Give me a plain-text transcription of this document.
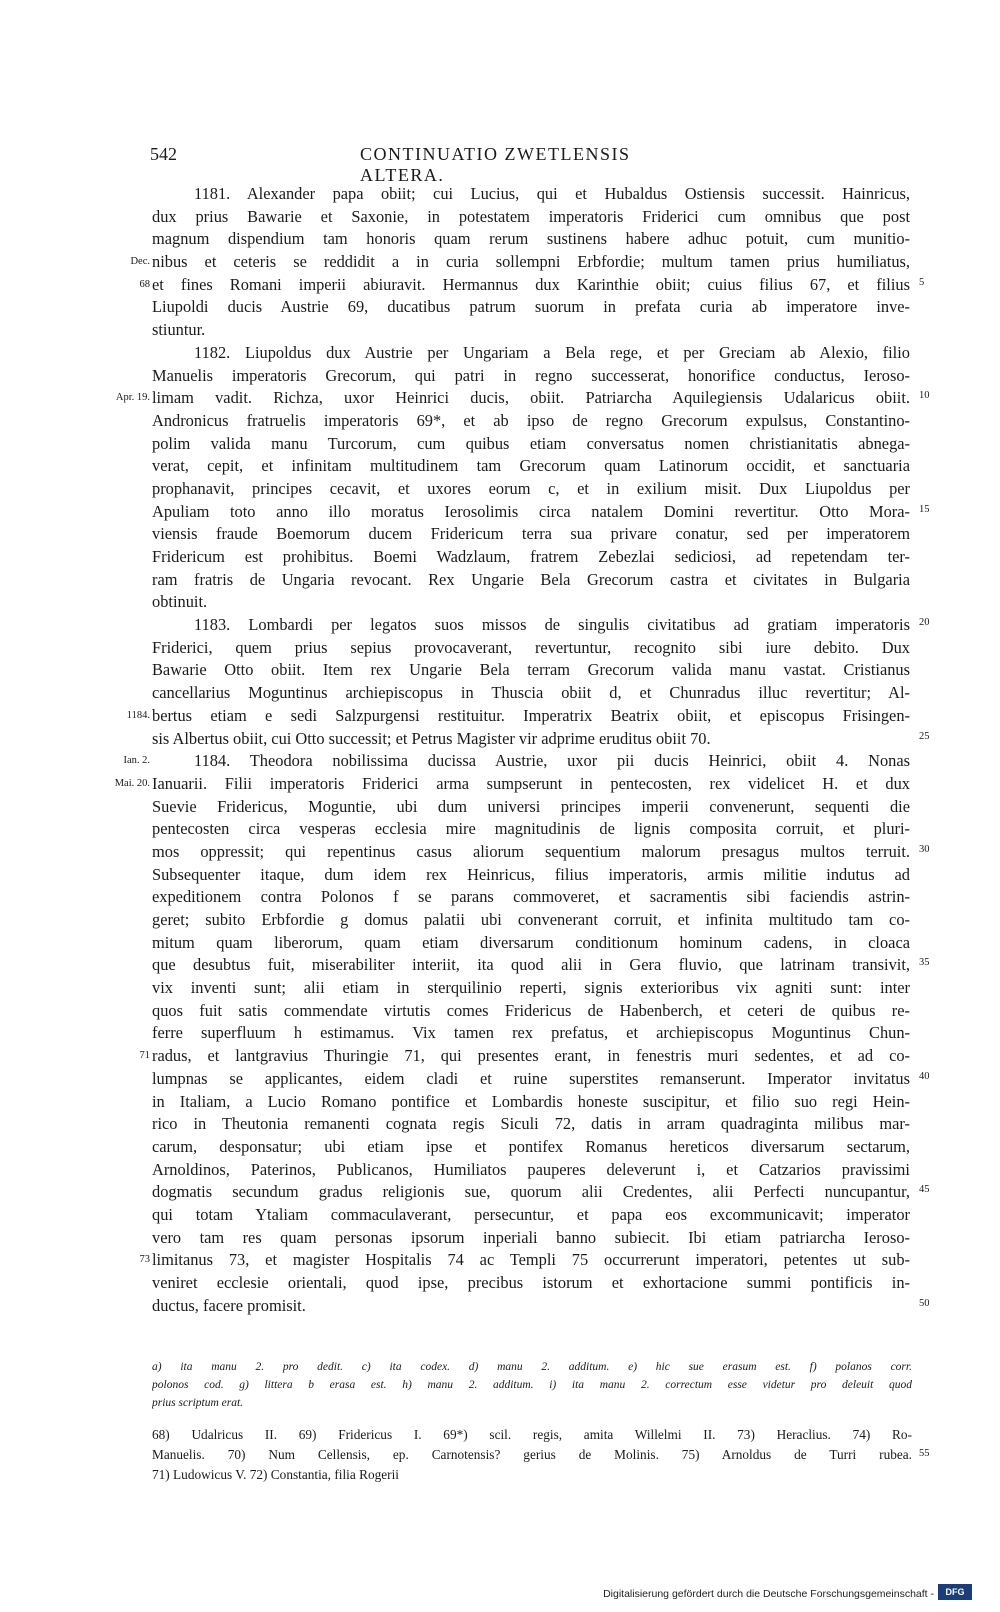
542	CONTINUATIO ZWETLENSIS ALTERA.
1181. Alexander papa obiit; cui Lucius, qui et Hubaldus Ostiensis successit. Hainricus,
dux prius Bawarie et Saxonie, in potestatem imperatoris Friderici cum omnibus que post
magnum dispendium tam honoris quam rerum sustinens habere adhuc potuit, cum munitio-
nibus et ceteris se reddidit a in curia sollempni Erbfordie; multum tamen prius humiliatus,
Dec.
et fines Romani imperii abiuravit. Hermannus dux Karinthie obiit; cuius filius 67, et filius
68	5
Liupoldi ducis Austrie 69, ducatibus patrum suorum in prefata curia ab imperatore inve-
stiuntur.
1182. Liupoldus dux Austrie per Ungariam a Bela rege, et per Greciam ab Alexio, filio
Manuelis imperatoris Grecorum, qui patri in regno successerat, honorifice conductus, Ieroso-
limam vadit. Richza, uxor Heinrici ducis, obiit. Patriarcha Aquilegiensis Udalaricus obiit.
Apr. 19.	10
Andronicus fratruelis imperatoris 69*, et ab ipso de regno Grecorum expulsus, Constantino-
polim valida manu Turcorum, cum quibus etiam conversatus nomen christianitatis abnega-
verat, cepit, et infinitam multitudinem tam Grecorum quam Latinorum occidit, et sanctuaria
prophanavit, principes cecavit, et uxores eorum c, et in exilium misit. Dux Liupoldus per
Apuliam toto anno illo moratus Ierosolimis circa natalem Domini revertitur. Otto Mora- 15
viensis fraude Boemorum ducem Fridericum terra sua privare conatur, sed per imperatorem
Fridericum est prohibitus. Boemi Wadzlaum, fratrem Zebezlai sediciosi, ad repetendam ter-
ram fratris de Ungaria revocant. Rex Ungarie Bela Grecorum castra et civitates in Bulgaria
obtinuit.
1183. Lombardi per legatos suos missos de singulis civitatibus ad gratiam imperatoris 20
Friderici, quem prius sepius provocaverant, revertuntur, recognito sibi iure debito. Dux
Bawarie Otto obiit. Item rex Ungarie Bela terram Grecorum valida manu vastat. Cristianus
cancellarius Moguntinus archiepiscopus in Thuscia obiit d, et Chunradus illuc revertitur; Al-
bertus etiam e sedi Salzpurgensi restituitur. Imperatrix Beatrix obiit, et episcopus Frisingen-
1184.
sis Albertus obiit, cui Otto successit; et Petrus Magister vir adprime eruditus obiit 70.	25
1184. Theodora nobilissima ducissa Austrie, uxor pii ducis Heinrici, obiit 4. Nonas
Ian. 2.
Ianuarii. Filii imperatoris Friderici arma sumpserunt in pentecosten, rex videlicet H. et dux
Mai. 20.
Suevie Fridericus, Moguntie, ubi dum universi principes imperii convenerunt, sequenti die
pentecosten circa vesperas ecclesia mire magnitudinis de lignis composita corruit, et pluri-
mos oppressit; qui repentinus casus aliorum sequentium malorum presagus multos terruit. 30
Subsequenter itaque, dum idem rex Heinricus, filius imperatoris, armis militie indutus ad
expeditionem contra Polonos f se parans commoveret, et sacramentis sibi faciendis astrin-
geret; subito Erbfordie g domus palatii ubi convenerant corruit, et infinita multitudo tam co-
mitum quam liberorum, quam etiam diversarum conditionum hominum cadens, in cloaca
que desubtus fuit, miserabiliter interiit, ita quod alii in Gera fluvio, que latrinam transivit, 35
vix inventi sunt; alii etiam in sterquilinio reperti, signis exterioribus vix agniti sunt: inter
quos fuit satis commendate virtutis comes Fridericus de Habenberch, et ceteri de quibus re-
ferre superfluum h estimamus. Vix tamen rex prefatus, et archiepiscopus Moguntinus Chun-
radus, et lantgravius Thuringie 71, qui presentes erant, in fenestris muri sedentes, et ad co-
71
lumpnas se applicantes, eidem cladi et ruine superstites remanserunt. Imperator invitatus 40
in Italiam, a Lucio Romano pontifice et Lombardis honeste suscipitur, et filio suo regi Hein-
rico in Theutonia remanenti cognata regis Siculi 72, datis in arram quadraginta milibus mar-
carum, desponsatur; ubi etiam ipse et pontifex Romanus hereticos diversarum sectarum,
Arnoldinos, Paterinos, Publicanos, Humiliatos pauperes deleverunt i, et Catzarios pravissimi
dogmatis secundum gradus religionis sue, quorum alii Credentes, alii Perfecti nuncupantur, 45
qui totam Ytaliam commaculaverant, persecuntur, et papa eos excommunicavit; imperator
vero tam res quam personas ipsorum inperiali banno subiecit. Ibi etiam patriarcha Ieroso-
limitanus 73, et magister Hospitalis 74 ac Templi 75 occurrerunt imperatori, petentes ut sub-
73
veniret ecclesie orientali, quod ipse, precibus istorum et exhortacione summi pontificis in-
ductus, facere promisit.	50
a) ita manu 2. pro dedit. c) ita codex. d) manu 2. additum. e) hic sue erasum est. f) polanos corr.
polonos cod. g) littera b erasa est. h) manu 2. additum. i) ita manu 2. correctum esse videtur pro deleuit quod
prius scriptum erat.
68) Udalricus II. 69) Fridericus I. 69*) scil. regis, amita Willelmi II. 73) Heraclius. 74) Ro-
Manuelis. 70) Num Cellensis, ep. Carnotensis? gerius de Molinis. 75) Arnoldus de Turri rubea. 55
71) Ludowicus V. 72) Constantia, filia Rogerii
Digitalisierung gefördert durch die Deutsche Forschungsgemeinschaft -	DFG
